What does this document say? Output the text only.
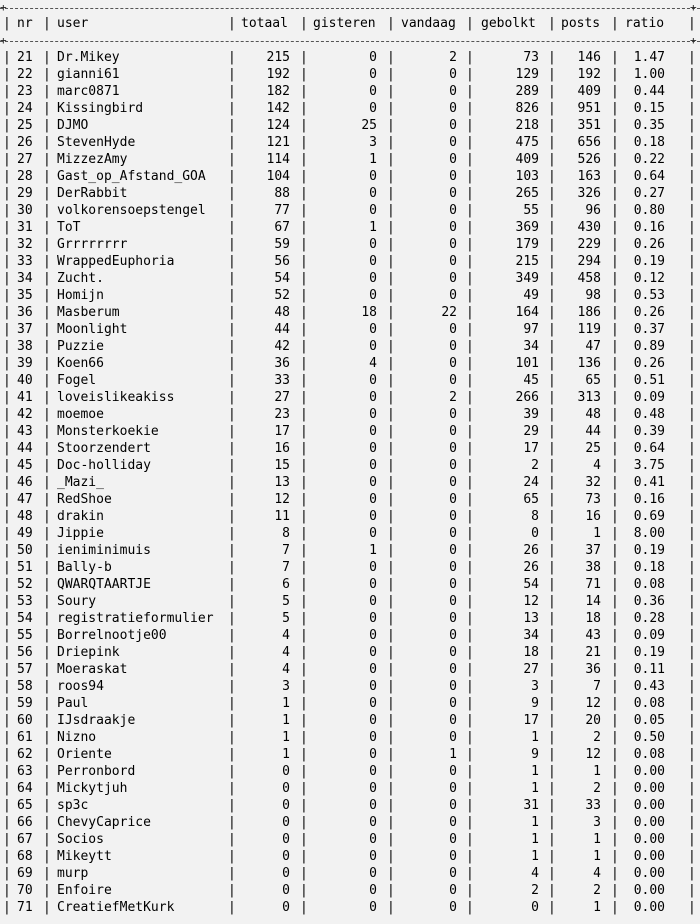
+	+
| nr | user	| totaal | gisteren | vandaag | gebolkt | posts | ratio	|
+	+
| 21 | Dr.Mikey	|	215 |	0 |	2 |	73 |	146 |	1.47 |
| 22 | gianni61	|	192 |	0 |	0 |	129 |	192 |	1.00 |
| 23 | marc0871	|	182 |	0 |	0 |	289 |	409 |	0.44 |
| 24 | Kissingbird	|	142 |	0 |	0 |	826 |	951 |	0.15 |
| 25 | DJMO	|	124 |	25 |	0 |	218 |	351 |	0.35 |
| 26 | StevenHyde	|	121 |	3 |	0 |	475 |	656 |	0.18 |
| 27 | MizzezAmy	|	114 |	1 |	0 |	409 |	526 |	0.22 |
| 28 | Gast_op_Afstand_GOA	|	104 |	0 |	0 |	103 |	163 |	0.64 |
| 29 | DerRabbit	|	88 |	0 |	0 |	265 |	326 |	0.27 |
| 30 | volkorensoepstengel	|	77 |	0 |	0 |	55 |	96 |	0.80 |
| 31 | ToT	|	67 |	1 |	0 |	369 |	430 |	0.16 |
| 32 | Grrrrrrrr	|	59 |	0 |	0 |	179 |	229 |	0.26 |
| 33 | WrappedEuphoria	|	56 |	0 |	0 |	215 |	294 |	0.19 |
| 34 | Zucht.	|	54 |	0 |	0 |	349 |	458 |	0.12 |
| 35 | Homijn	|	52 |	0 |	0 |	49 |	98 |	0.53 |
| 36 | Masberum	|	48 |	18 |	22 |	164 |	186 |	0.26 |
| 37 | Moonlight	|	44 |	0 |	0 |	97 |	119 |	0.37 |
| 38 | Puzzie	|	42 |	0 |	0 |	34 |	47 |	0.89 |
| 39 | Koen66	|	36 |	4 |	0 |	101 |	136 |	0.26 |
| 40 | Fogel	|	33 |	0 |	0 |	45 |	65 |	0.51 |
| 41 | loveislikeakiss	|	27 |	0 |	2 |	266 |	313 |	0.09 |
| 42 | moemoe	|	23 |	0 |	0 |	39 |	48 |	0.48 |
| 43 | Monsterkoekie	|	17 |	0 |	0 |	29 |	44 |	0.39 |
| 44 | Stoorzendert	|	16 |	0 |	0 |	17 |	25 |	0.64 |
| 45 | Doc-holliday	|	15 |	0 |	0 |	2 |	4 |	3.75 |
| 46 | _Mazi_	|	13 |	0 |	0 |	24 |	32 |	0.41 |
| 47 | RedShoe	|	12 |	0 |	0 |	65 |	73 |	0.16 |
| 48 | drakin	|	11 |	0 |	0 |	8 |	16 |	0.69 |
| 49 | Jippie	|	8 |	0 |	0 |	0 |	1 |	8.00 |
| 50 | ieniminimuis	|	7 |	1 |	0 |	26 |	37 |	0.19 |
| 51 | Bally-b	|	7 |	0 |	0 |	26 |	38 |	0.18 |
| 52 | QWARQTAARTJE	|	6 |	0 |	0 |	54 |	71 |	0.08 |
| 53 | Soury	|	5 |	0 |	0 |	12 |	14 |	0.36 |
| 54 | registratieformulier	|	5 |	0 |	0 |	13 |	18 |	0.28 |
| 55 | Borrelnootje00	|	4 |	0 |	0 |	34 |	43 |	0.09 |
| 56 | Driepink	|	4 |	0 |	0 |	18 |	21 |	0.19 |
| 57 | Moeraskat	|	4 |	0 |	0 |	27 |	36 |	0.11 |
| 58 | roos94	|	3 |	0 |	0 |	3 |	7 |	0.43 |
| 59 | Paul	|	1 |	0 |	0 |	9 |	12 |	0.08 |
| 60 | IJsdraakje	|	1 |	0 |	0 |	17 |	20 |	0.05 |
| 61 | Nizno	|	1 |	0 |	0 |	1 |	2 |	0.50 |
| 62 | Oriente	|	1 |	0 |	1 |	9 |	12 |	0.08 |
| 63 | Perronbord	|	0 |	0 |	0 |	1 |	1 |	0.00 |
| 64 | Mickytjuh	|	0 |	0 |	0 |	1 |	2 |	0.00 |
| 65 | sp3c	|	0 |	0 |	0 |	31 |	33 |	0.00 |
| 66 | ChevyCaprice	|	0 |	0 |	0 |	1 |	3 |	0.00 |
| 67 | Socios	|	0 |	0 |	0 |	1 |	1 |	0.00 |
| 68 | Mikeytt	|	0 |	0 |	0 |	1 |	1 |	0.00 |
| 69 | murp	|	0 |	0 |	0 |	4 |	4 |	0.00 |
| 70 | Enfoire	|	0 |	0 |	0 |	2 |	2 |	0.00 |
| 71 | CreatiefMetKurk	|	0 |	0 |	0 |	0 |	1 |	0.00 |
